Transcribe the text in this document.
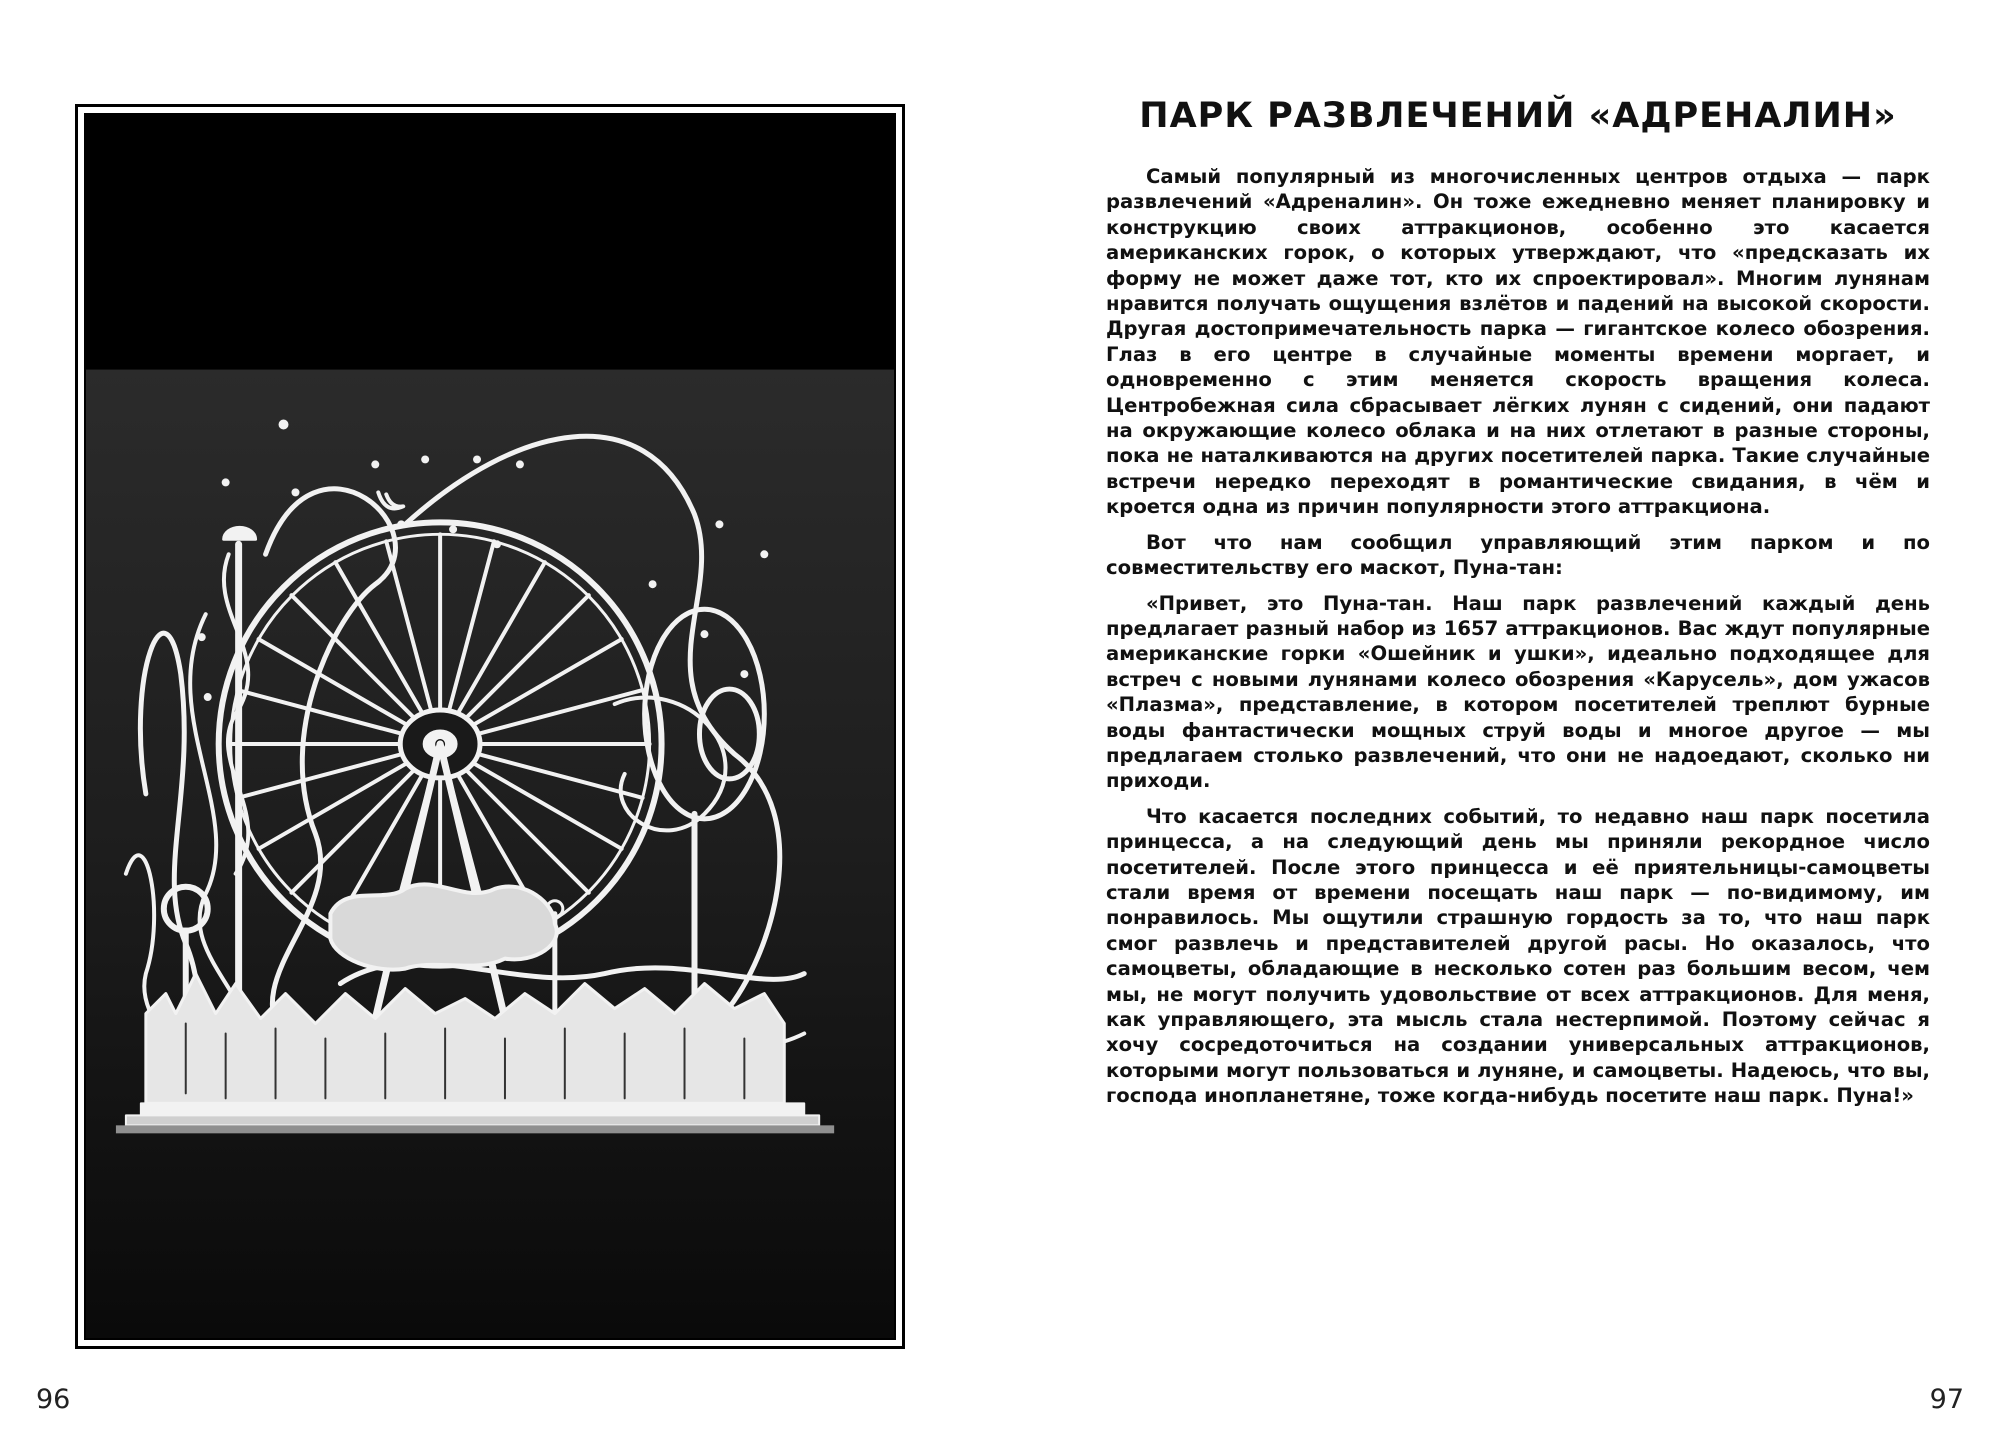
96
ПАРК РАЗВЛЕЧЕНИЙ «АДРЕНАЛИН»

Самый популярный из многочисленных центров отдыха — парк развлечений «Адреналин». Он тоже ежедневно меняет планировку и конструкцию своих аттракционов, особенно это касается американских горок, о которых утверждают, что «предсказать их форму не может даже тот, кто их спроектировал». Многим лунянам нравится получать ощущения взлётов и падений на высокой скорости. Другая достопримечательность парка — гигантское колесо обозрения. Глаз в его центре в случайные моменты времени моргает, и одновременно с этим меняется скорость вращения колеса. Центробежная сила сбрасывает лёгких лунян с сидений, они падают на окружающие колесо облака и на них отлетают в разные стороны, пока не наталкиваются на других посетителей парка. Такие случайные встречи нередко переходят в романтические свидания, в чём и кроется одна из причин популярности этого аттракциона.

Вот что нам сообщил управляющий этим парком и по совместительству его маскот, Пуна-тан:

«Привет, это Пуна-тан. Наш парк развлечений каждый день предлагает разный набор из 1657 аттракционов. Вас ждут популярные американские горки «Ошейник и ушки», идеально подходящее для встреч с новыми лунянами колесо обозрения «Карусель», дом ужасов «Плазма», представление, в котором посетителей треплют бурные воды фантастически мощных струй воды и многое другое — мы предлагаем столько развлечений, что они не надоедают, сколько ни приходи.

Что касается последних событий, то недавно наш парк посетила принцесса, а на следующий день мы приняли рекордное число посетителей. После этого принцесса и её приятельницы-самоцветы стали время от времени посещать наш парк — по-видимому, им понравилось. Мы ощутили страшную гордость за то, что наш парк смог развлечь и представителей другой расы. Но оказалось, что самоцветы, обладающие в несколько сотен раз большим весом, чем мы, не могут получить удовольствие от всех аттракционов. Для меня, как управляющего, эта мысль стала нестерпимой. Поэтому сейчас я хочу сосредоточиться на создании универсальных аттракционов, которыми могут пользоваться и луняне, и самоцветы. Надеюсь, что вы, господа инопланетяне, тоже когда-нибудь посетите наш парк. Пуна!»

97
